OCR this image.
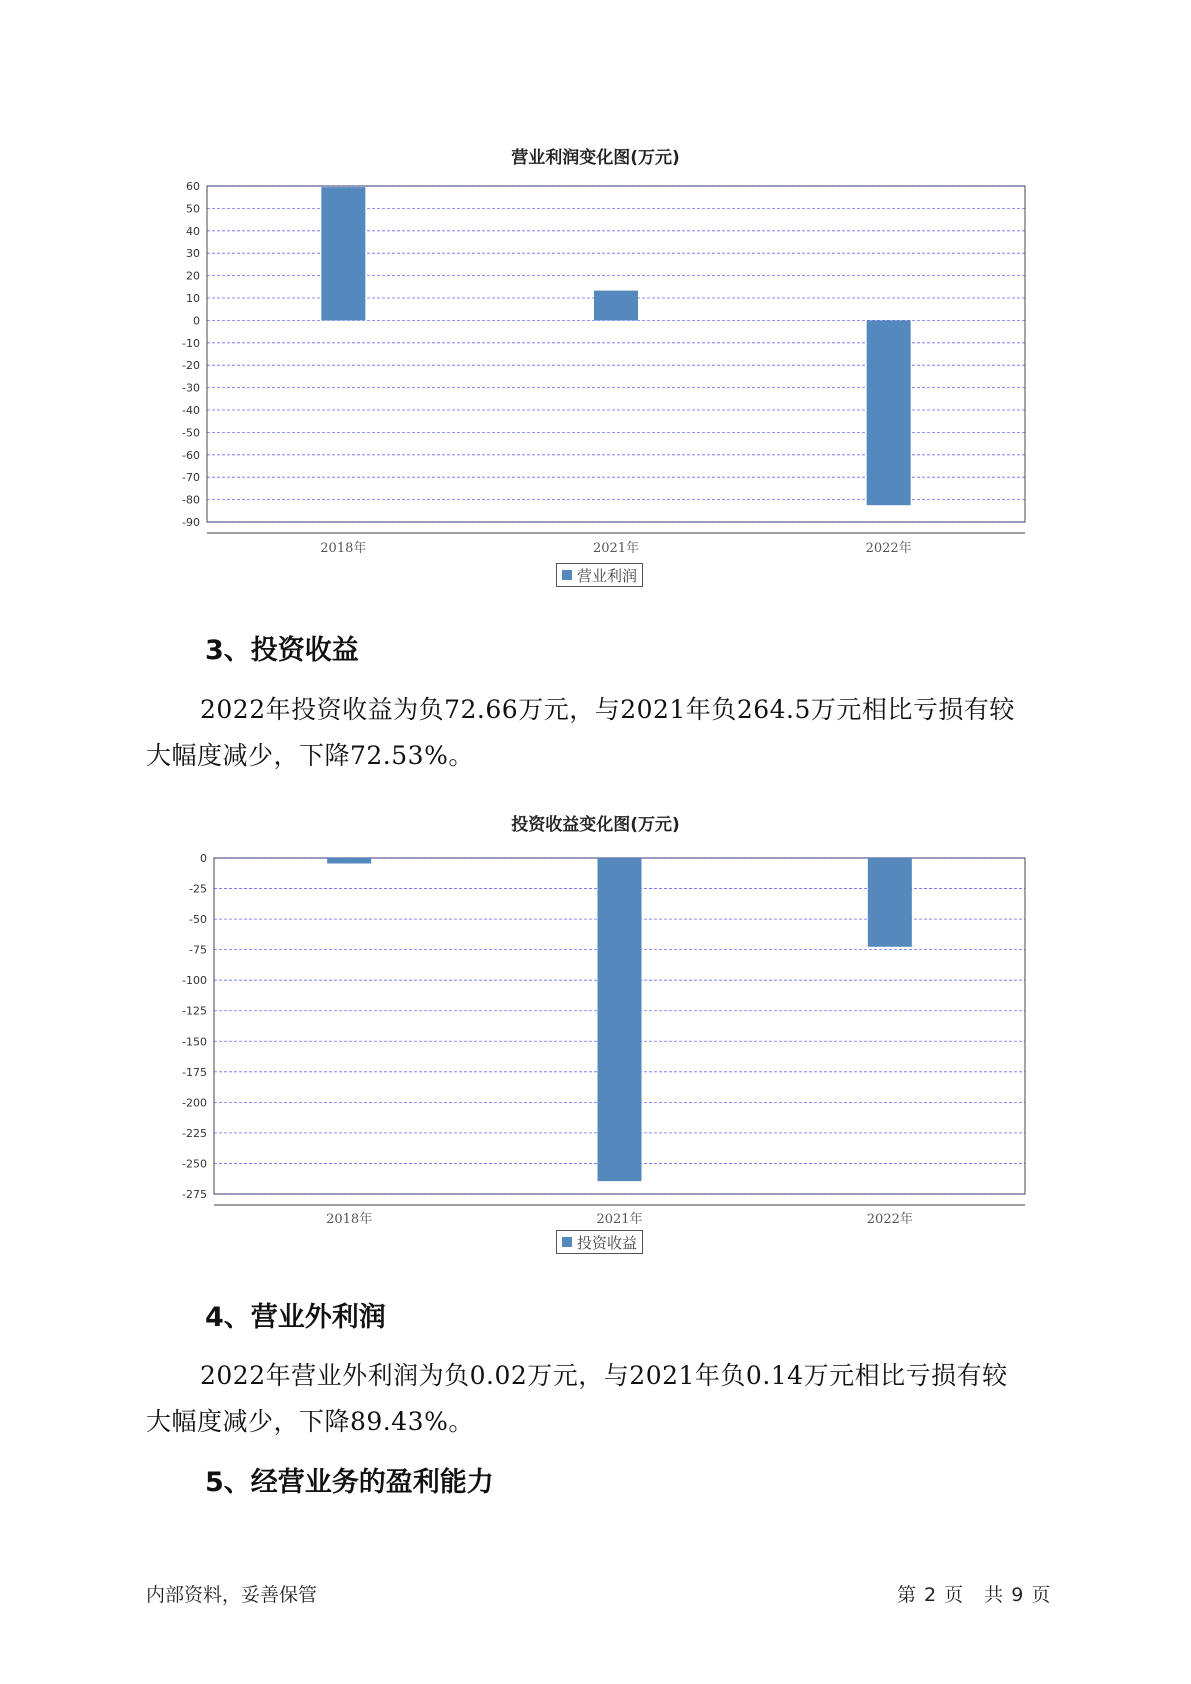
营业利润变化图(万元)
60
50
40
30
20
10
0
-10
-20
-30
-40
-50
-60
-70
-80
-90
2018年	2021年	2022年
营业利润
3、投资收益
2022年投资收益为负72.66万元，与2021年负264.5万元相比亏损有较
大幅度减少，下降72.53%。
投资收益变化图(万元)
0
-25
-50
-75
-100
-125
-150
-175
-200
-225
-250
-275
2018年	2021年	2022年
投资收益
4、营业外利润
2022年营业外利润为负0.02万元，与2021年负0.14万元相比亏损有较
大幅度减少，下降89.43%。
5、经营业务的盈利能力
内部资料，妥善保管	第 2 页　共 9 页
